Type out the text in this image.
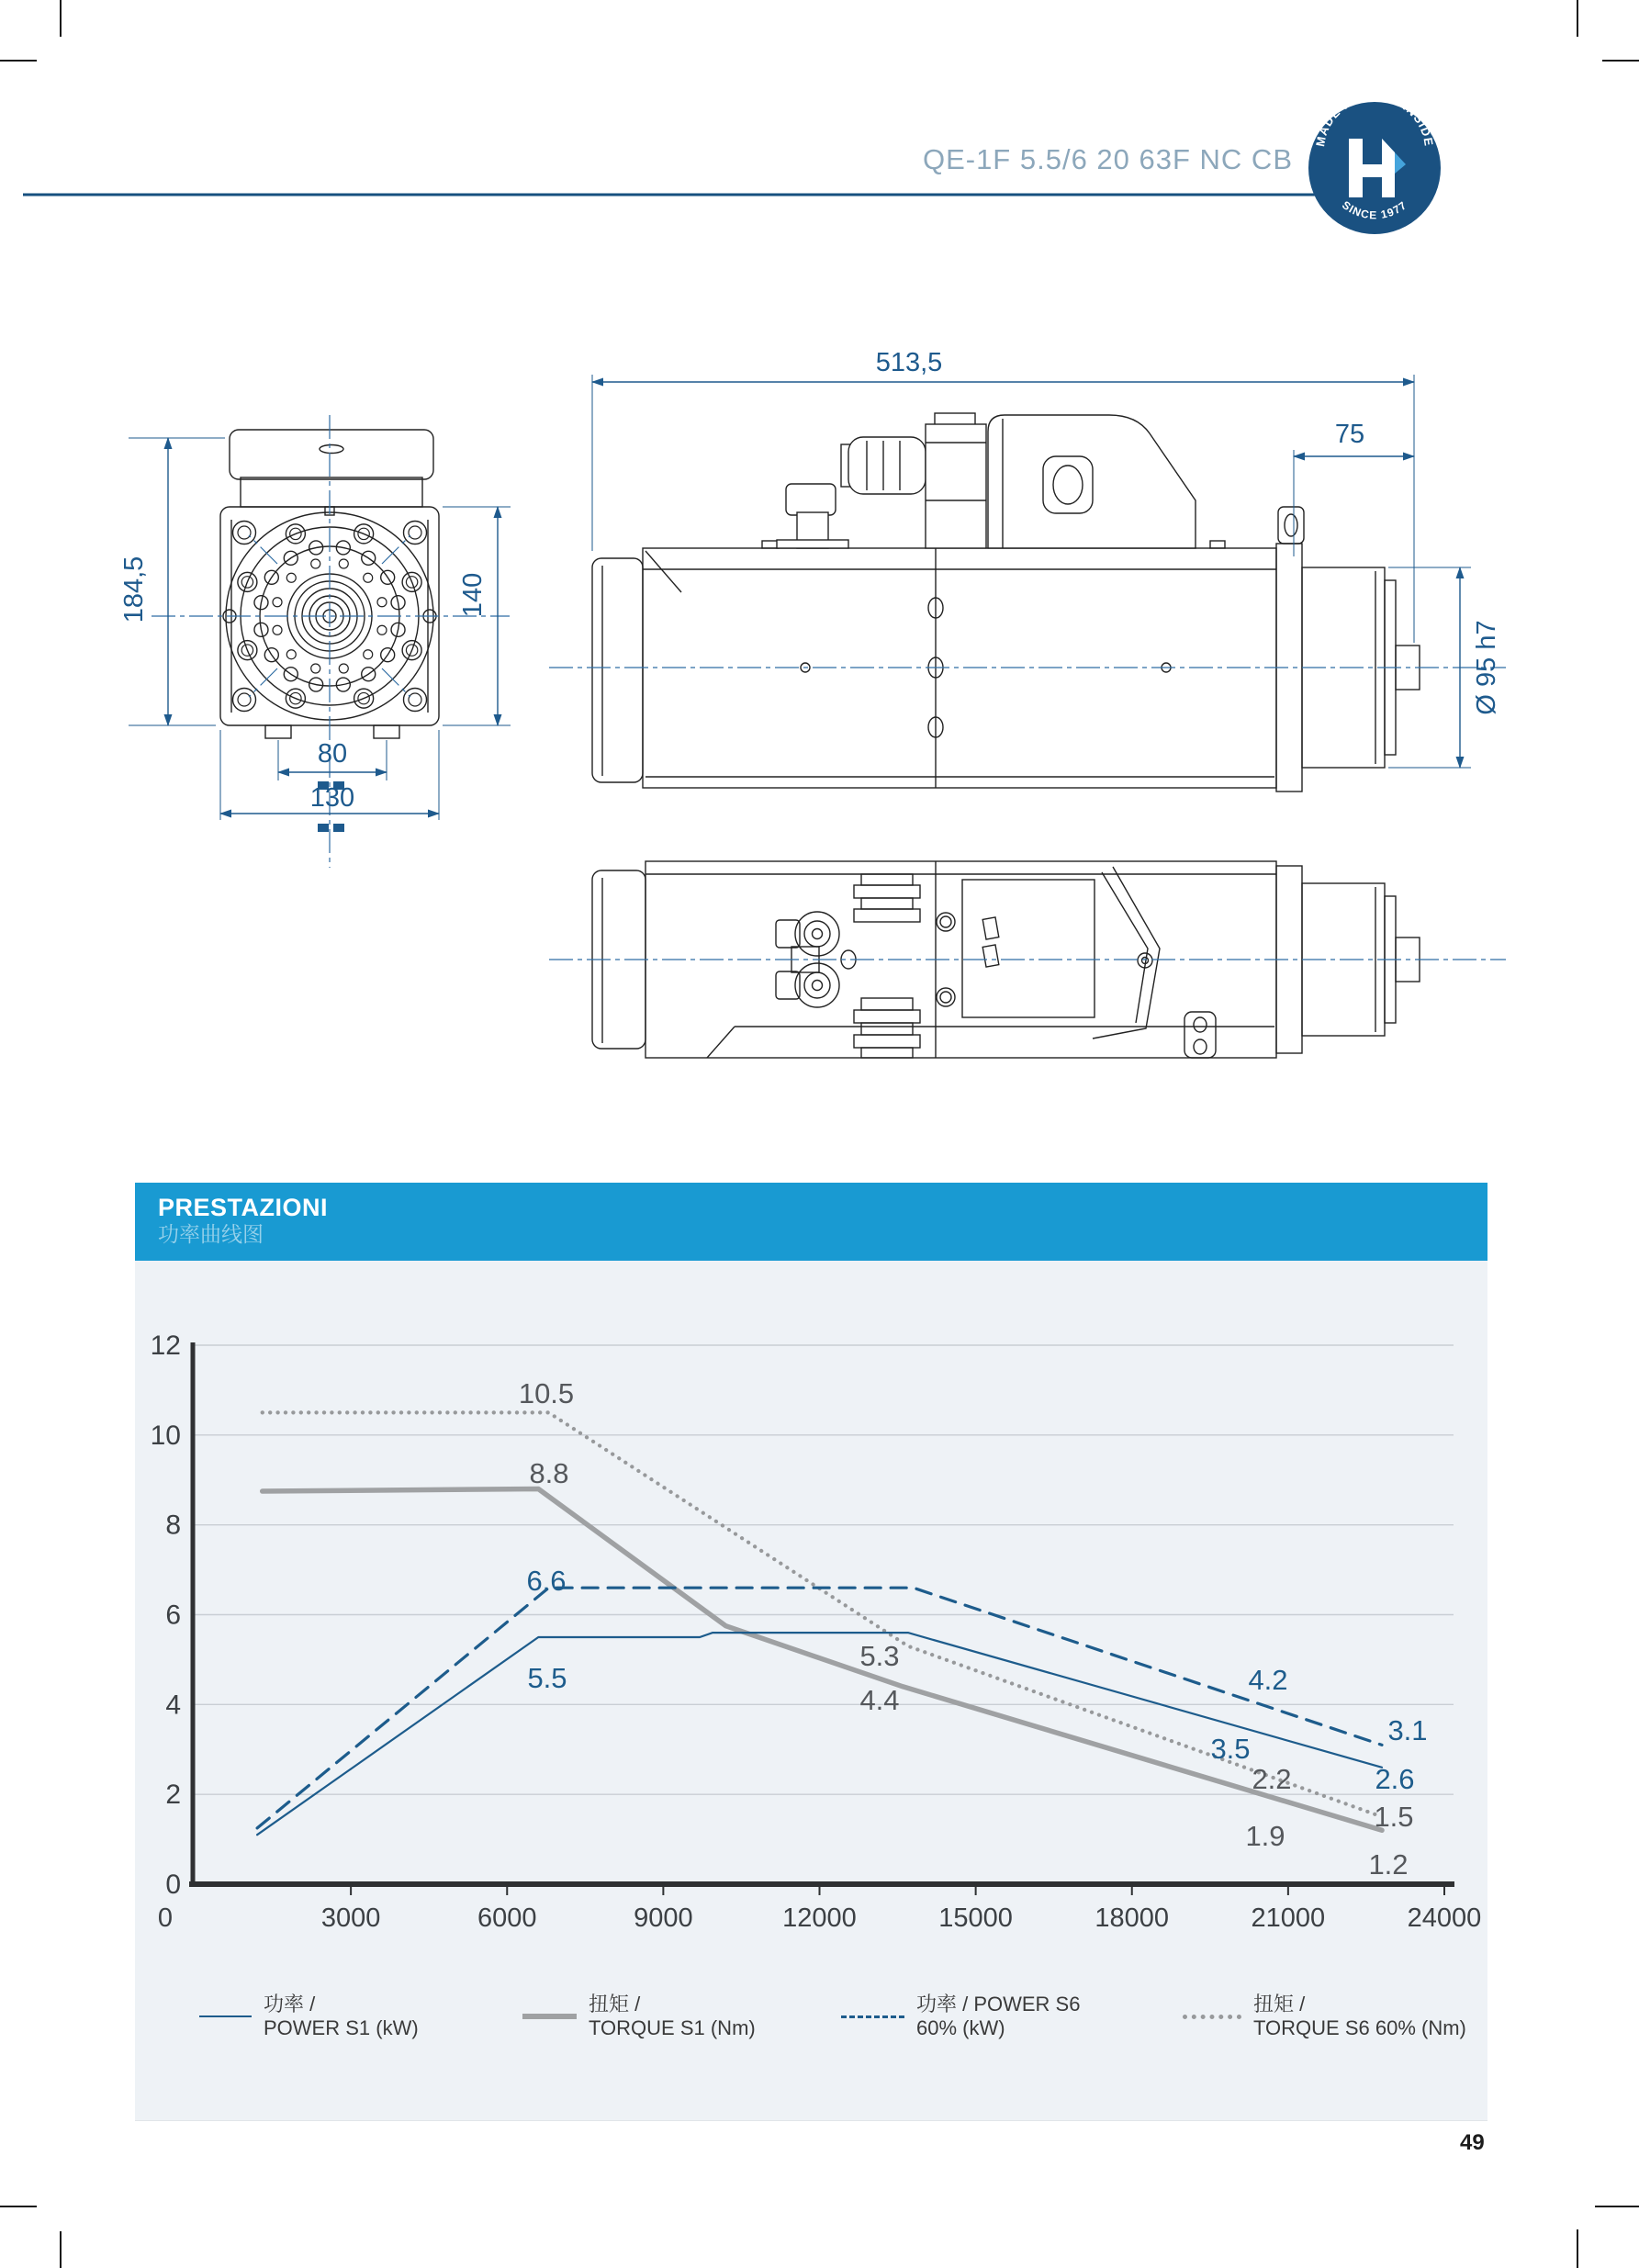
PRESTAZIONI
功率曲线图
MADE IN ITALY INSIDE
SINCE 1977
184,5	140
80
130
513,5
75
Ø 95 h7
0	3000	6000	9000	12000	15000	18000	21000	24000
0
2
4
6
8
10
12
10.5
8.8
6.6
5.5
5.3
4.4
4.2
3.5
3.1
2.6
2.2
1.9
1.5
1.2
QE-1F 5.5/6 20 63F NC CB
功率 /
POWER S1 (kW)
扭矩 /
TORQUE S1 (Nm)
功率 / POWER S6
60% (kW)
扭矩 /
TORQUE S6 60% (Nm)
49
